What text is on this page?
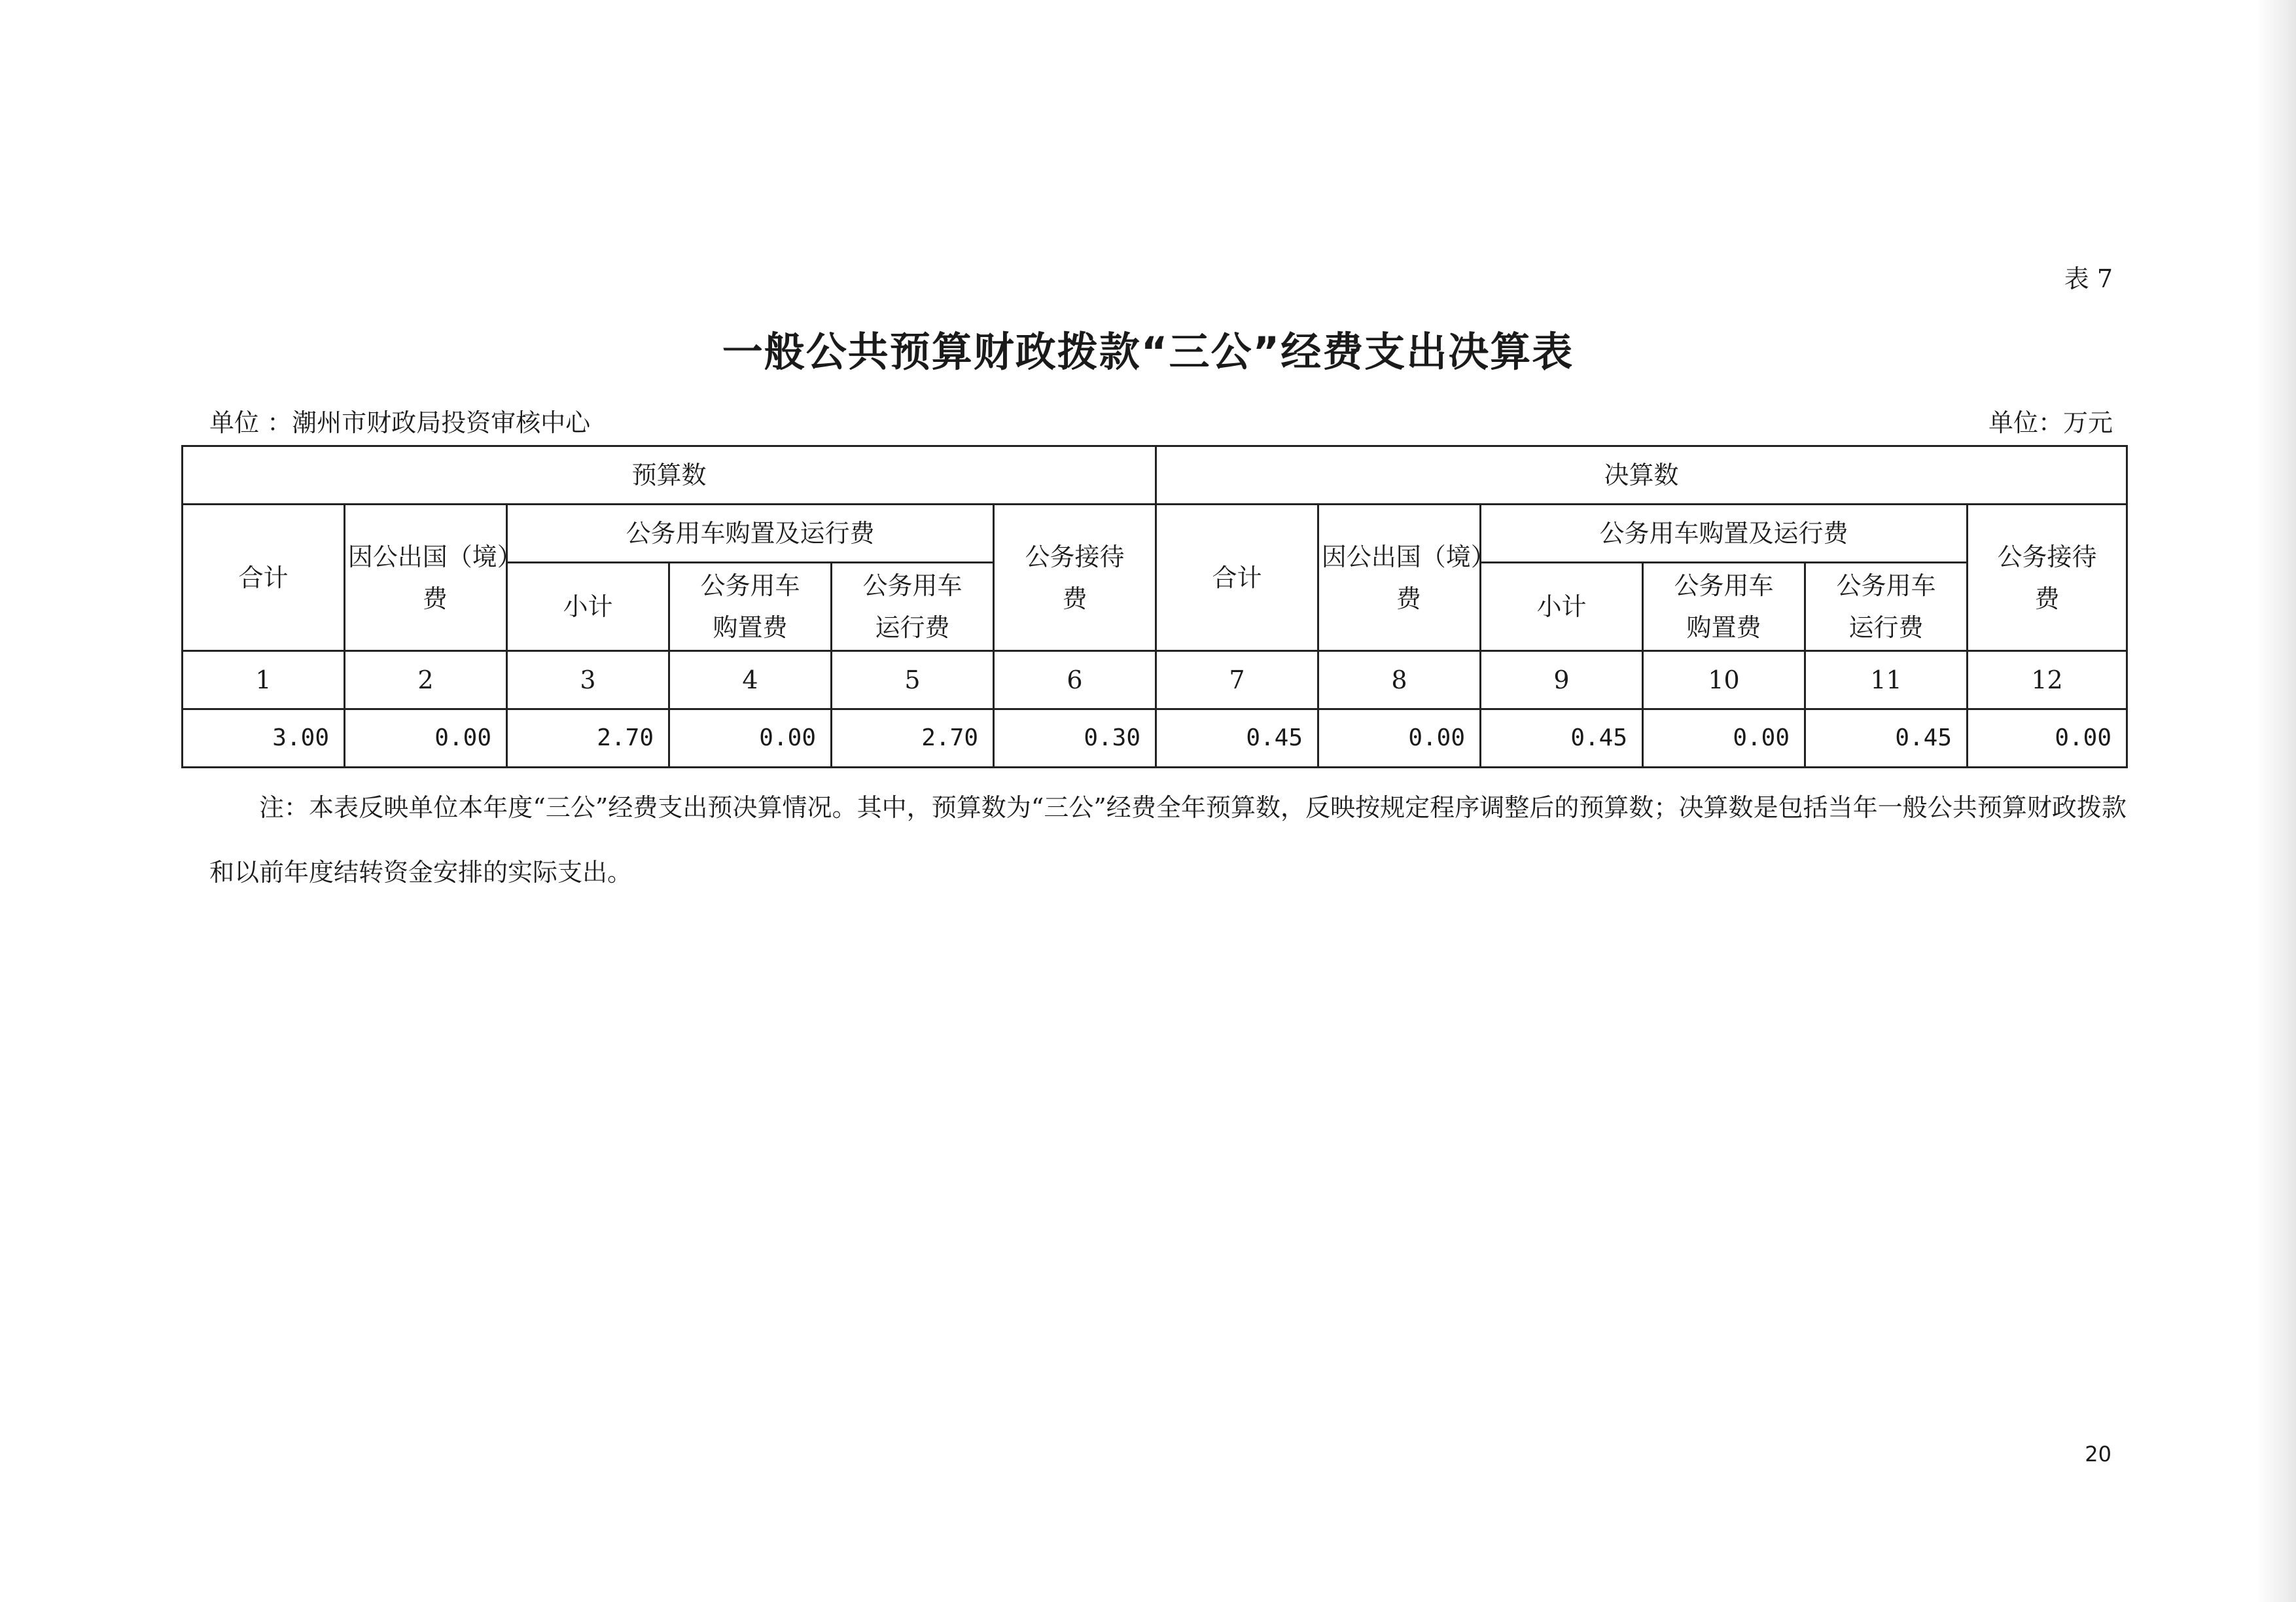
表 7
一般公共预算财政拨款“三公”经费支出决算表
单位 ：潮州市财政局投资审核中心	单位：万元
预算数						决算数					
合计	因公出国（境）费	公务用车购置及运行费			公务接待费	合计	因公出国（境）费	公务用车购置及运行费			公务接待费

		小计	公务用车购置费	公务用车运行费				小计	公务用车购置费	公务用车运行费	

1	2	3	4	5	6	7	8	9	10	11	12
3.00	0.00	2.70	0.00	2.70	0.30	0.45	0.00	0.45	0.00	0.45	0.00
注：本表反映单位本年度“三公”经费支出预决算情况。其中，预算数为“三公”经费全年预算数，反映按规定程序调整后的预算数；决算数是包括当年一般公共预算财政拨款和以前年度结转资金安排的实际支出。
20
